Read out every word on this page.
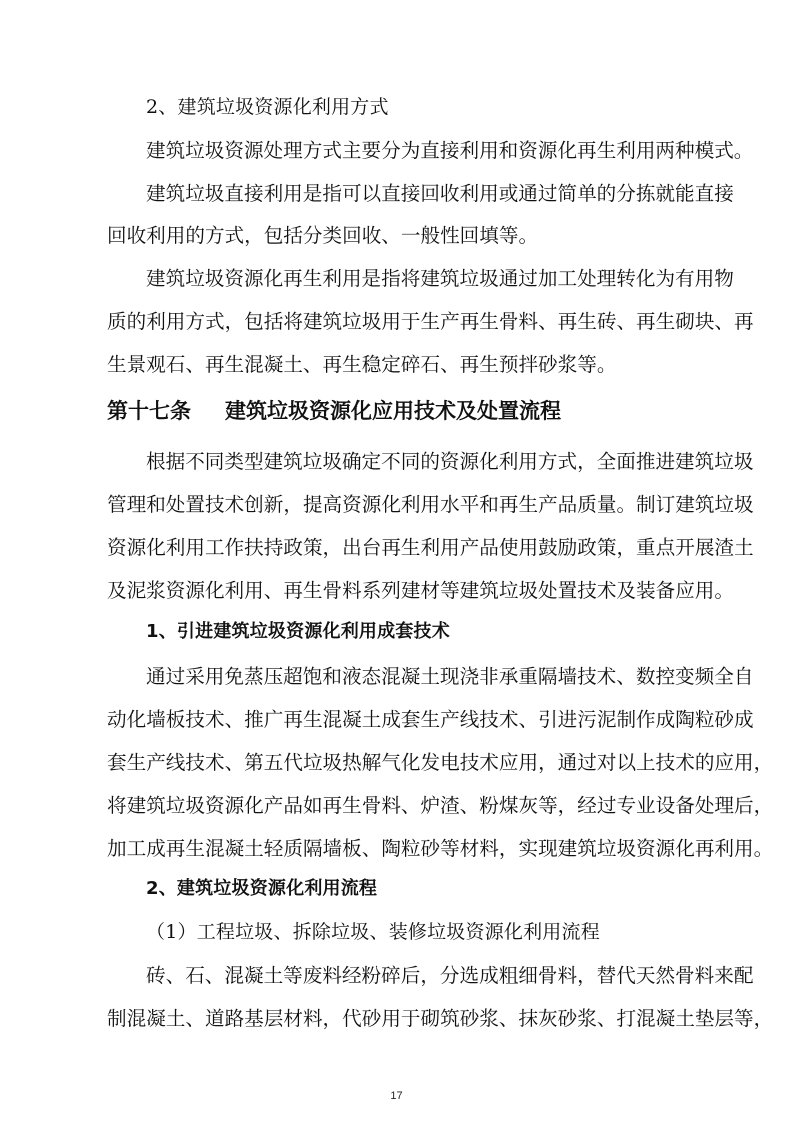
2、建筑垃圾资源化利用方式
建筑垃圾资源处理方式主要分为直接利用和资源化再生利用两种模式。
建 筑 垃 圾 直 接 利 用 是 指 可 以 直 接 回 收 利 用 或 通 过 简 单 的 分 拣 就 能 直 接
回收利用的方式，包括分类回收、一般性回填等。
建 筑 垃 圾 资 源 化 再 生 利 用 是 指 将 建 筑 垃 圾 通 过 加 工 处 理 转 化 为 有 用 物
质 的 利 用 方 式 ， 包 括 将 建 筑 垃 圾 用 于 生 产 再 生 骨 料 、 再 生 砖 、 再 生 砌 块 、 再
生景观石、再生混凝土、再生稳定碎石、再生预拌砂浆等。
第十七条 建筑垃圾资源化应用技术及处置流程
根 据 不 同 类 型 建 筑 垃 圾 确 定 不 同 的 资 源 化 利 用 方 式 ， 全 面 推 进 建 筑 垃 圾
管 理 和 处 置 技 术 创 新 ， 提 高 资 源 化 利 用 水 平 和 再 生 产 品 质 量 。 制 订 建 筑 垃 圾
资 源 化 利 用 工 作 扶 持 政 策 ， 出 台 再 生 利 用 产 品 使 用 鼓 励 政 策 ， 重 点 开 展 渣 土
及泥浆资源化利用、再生骨料系列建材等建筑垃圾处置技术及装备应用。
1、引进建筑垃圾资源化利用成套技术
通 过 采 用 免 蒸 压 超 饱 和 液 态 混 凝 土 现 浇 非 承 重 隔 墙 技 术 、 数 控 变 频 全 自
动 化 墙 板 技 术 、 推 广 再 生 混 凝 土 成 套 生 产 线 技 术 、 引 进 污 泥 制 作 成 陶 粒 砂 成
套 生 产 线 技 术 、 第 五 代 垃 圾 热 解 气 化 发 电 技 术 应 用 ， 通 过 对 以 上 技 术 的 应 用 ，
将 建 筑 垃 圾 资 源 化 产 品 如 再 生 骨 料 、 炉 渣 、 粉 煤 灰 等 ， 经 过 专 业 设 备 处 理 后 ，
加 工 成 再 生 混 凝 土 轻 质 隔 墙 板 、 陶 粒 砂 等 材 料 ， 实 现 建 筑 垃 圾 资 源 化 再 利 用 。
2、建筑垃圾资源化利用流程
（1）工程垃圾、拆除垃圾、装修垃圾资源化利用流程
砖 、 石 、 混 凝 土 等 废 料 经 粉 碎 后 ， 分 选 成 粗 细 骨 料 ， 替 代 天 然 骨 料 来 配
制 混 凝 土 、 道 路 基 层 材 料 ， 代 砂 用 于 砌 筑 砂 浆 、 抹 灰 砂 浆 、 打 混 凝 土 垫 层 等 ，
17
